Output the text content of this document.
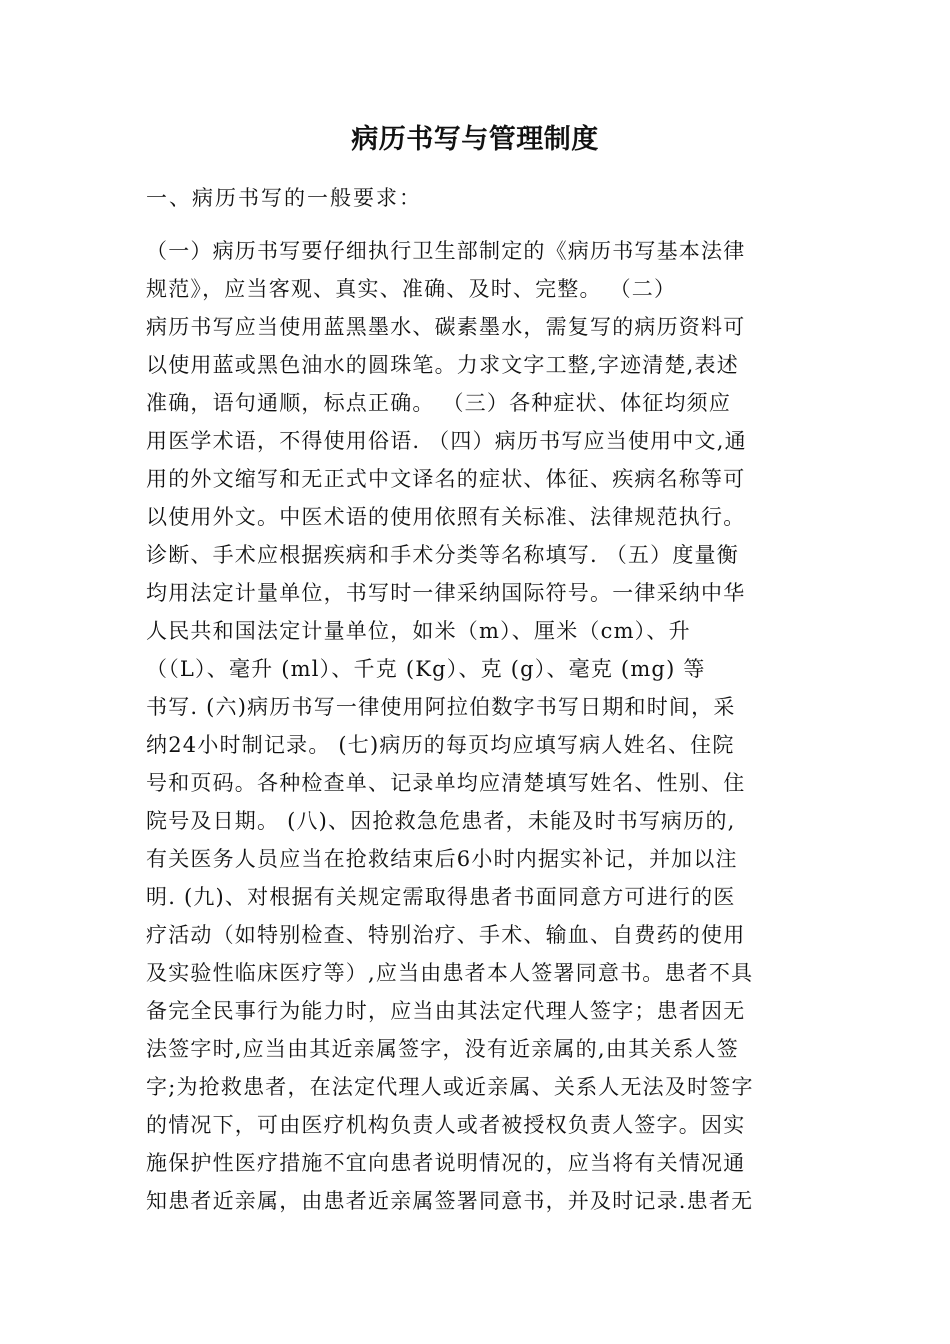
病历书写与管理制度
一、病历书写的一般要求：
（一）病历书写要仔细执行卫生部制定的《病历书写基本法律
规范》，应当客观、真实、准确、及时、完整。 （二）
病历书写应当使用蓝黑墨水、碳素墨水，需复写的病历资料可
以使用蓝或黑色油水的圆珠笔。力求文字工整,字迹清楚,表述
准确，语句通顺，标点正确。 （三）各种症状、体征均须应
用医学术语，不得使用俗语. （四）病历书写应当使用中文,通
用的外文缩写和无正式中文译名的症状、体征、疾病名称等可
以使用外文。中医术语的使用依照有关标准、法律规范执行。
诊断、手术应根据疾病和手术分类等名称填写. （五）度量衡
均用法定计量单位，书写时一律采纳国际符号。一律采纳中华
人民共和国法定计量单位，如米（m）、厘米（cm）、升
（（L）、毫升 (ml）、千克 (Kg）、克 (g）、毫克 (mg) 等
书写. (六)病历书写一律使用阿拉伯数字书写日期和时间，采
纳24小时制记录。 (七)病历的每页均应填写病人姓名、住院
号和页码。各种检查单、记录单均应清楚填写姓名、性别、住
院号及日期。 (八)、因抢救急危患者，未能及时书写病历的,
有关医务人员应当在抢救结束后6小时内据实补记，并加以注
明. (九)、对根据有关规定需取得患者书面同意方可进行的医
疗活动（如特别检查、特别治疗、手术、输血、自费药的使用
及实验性临床医疗等）,应当由患者本人签署同意书。患者不具
备完全民事行为能力时，应当由其法定代理人签字；患者因无
法签字时,应当由其近亲属签字，没有近亲属的,由其关系人签
字;为抢救患者，在法定代理人或近亲属、关系人无法及时签字
的情况下，可由医疗机构负责人或者被授权负责人签字。因实
施保护性医疗措施不宜向患者说明情况的，应当将有关情况通
知患者近亲属，由患者近亲属签署同意书，并及时记录.患者无
